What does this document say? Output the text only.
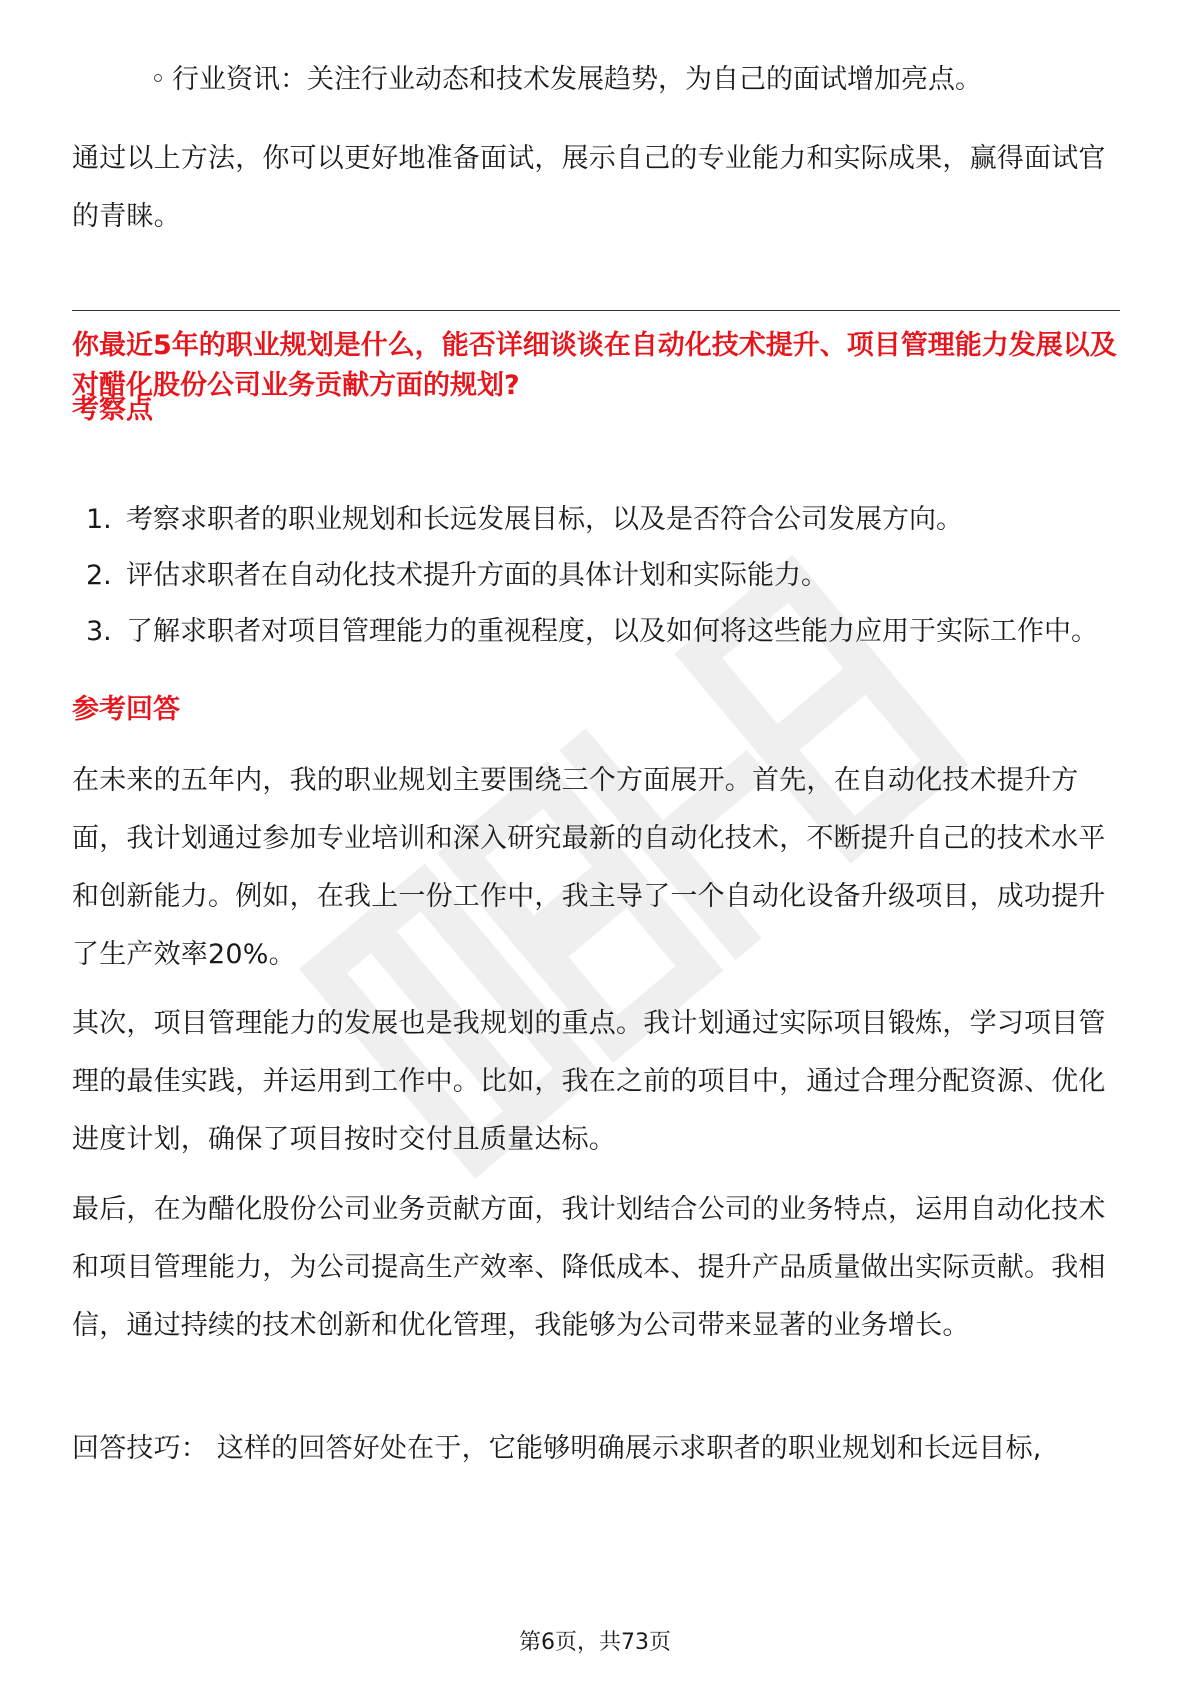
◦ 行业资讯：关注行业动态和技术发展趋势，为自己的面试增加亮点。
通过以上方法，你可以更好地准备面试，展示自己的专业能力和实际成果，赢得面试官的青睐。
你最近5年的职业规划是什么，能否详细谈谈在自动化技术提升、项目管理能力发展以及对醋化股份公司业务贡献方面的规划?
考察点
1. 考察求职者的职业规划和长远发展目标，以及是否符合公司发展方向。
2. 评估求职者在自动化技术提升方面的具体计划和实际能力。
3. 了解求职者对项目管理能力的重视程度，以及如何将这些能力应用于实际工作中。
参考回答
在未来的五年内，我的职业规划主要围绕三个方面展开。首先，在自动化技术提升方面，我计划通过参加专业培训和深入研究最新的自动化技术，不断提升自己的技术水平和创新能力。例如，在我上一份工作中，我主导了一个自动化设备升级项目，成功提升了生产效率20%。
其次，项目管理能力的发展也是我规划的重点。我计划通过实际项目锻炼，学习项目管理的最佳实践，并运用到工作中。比如，我在之前的项目中，通过合理分配资源、优化进度计划，确保了项目按时交付且质量达标。
最后，在为醋化股份公司业务贡献方面，我计划结合公司的业务特点，运用自动化技术和项目管理能力，为公司提高生产效率、降低成本、提升产品质量做出实际贡献。我相信，通过持续的技术创新和优化管理，我能够为公司带来显著的业务增长。
回答技巧： 这样的回答好处在于，它能够明确展示求职者的职业规划和长远目标,
第6页，共73页
